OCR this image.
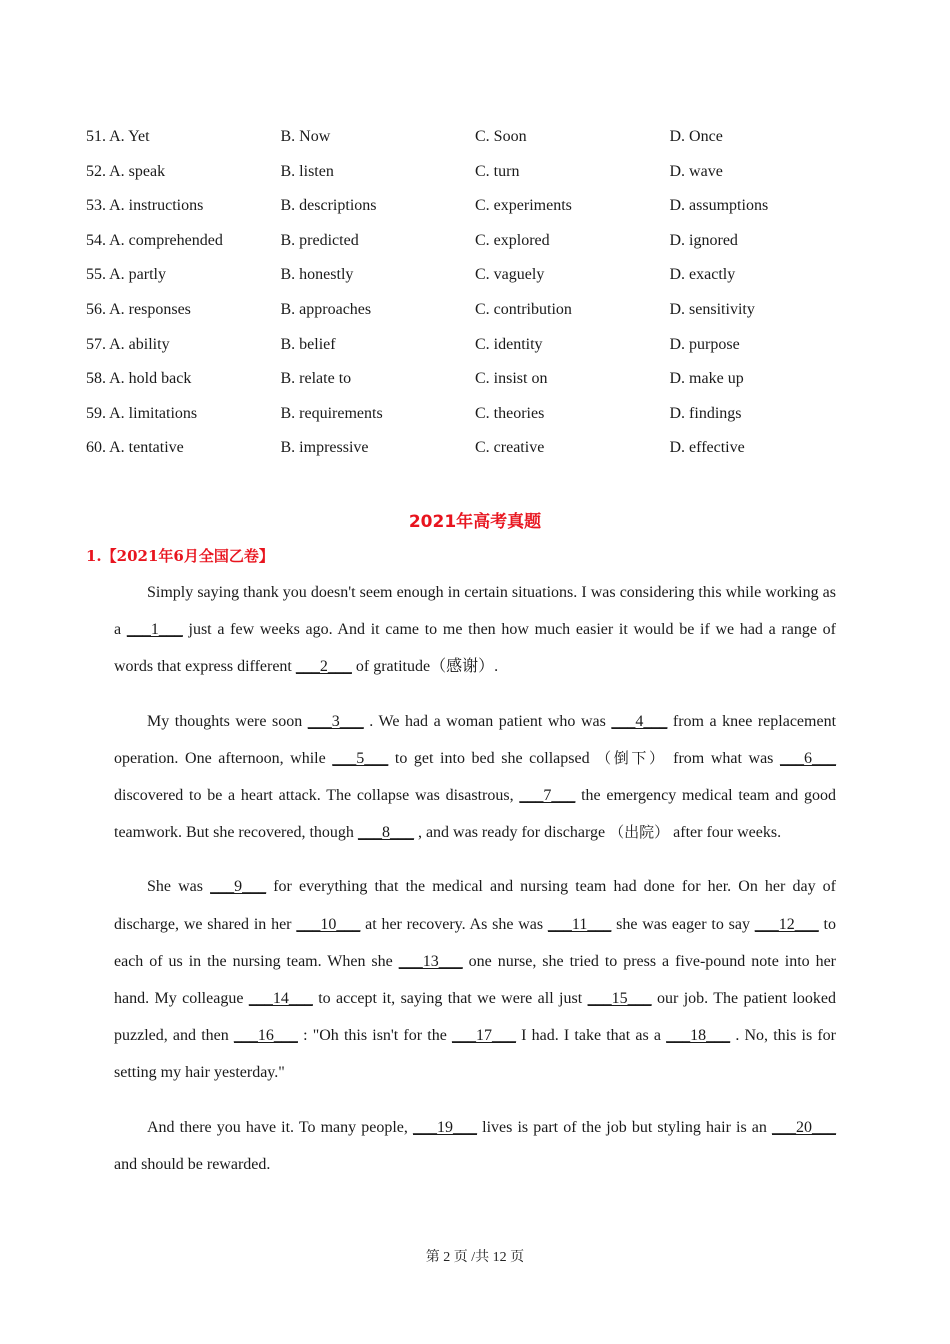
51. A. Yet	B. Now	C. Soon	D. Once
52. A. speak	B. listen	C. turn	D. wave
53. A. instructions	B. descriptions	C. experiments	D. assumptions
54. A. comprehended	B. predicted	C. explored	D. ignored
55. A. partly	B. honestly	C. vaguely	D. exactly
56. A. responses	B. approaches	C. contribution	D. sensitivity
57. A. ability	B. belief	C. identity	D. purpose
58. A. hold back	B. relate to	C. insist on	D. make up
59. A. limitations	B. requirements	C. theories	D. findings
60. A. tentative	B. impressive	C. creative	D. effective
2021年高考真题
1.【2021年6月全国乙卷】

Simply saying thank you doesn't seem enough in certain situations. I was considering this while working as a ___1___ just a few weeks ago. And it came to me then how much easier it would be if we had a range of words that express different ___2___ of gratitude（感谢）.

My thoughts were soon ___3___ . We had a woman patient who was ___4___ from a knee replacement operation. One afternoon, while ___5___ to get into bed she collapsed （倒下） from what was ___6___ discovered to be a heart attack. The collapse was disastrous, ___7___ the emergency medical team and good teamwork. But she recovered, though ___8___ , and was ready for discharge （出院） after four weeks.

She was ___9___ for everything that the medical and nursing team had done for her. On her day of discharge, we shared in her ___10___ at her recovery. As she was ___11___ she was eager to say ___12___ to each of us in the nursing team. When she ___13___ one nurse, she tried to press a five-pound note into her hand. My colleague ___14___ to accept it, saying that we were all just ___15___ our job. The patient looked puzzled, and then ___16___ : "Oh this isn't for the ___17___ I had. I take that as a ___18___ . No, this is for setting my hair yesterday."

And there you have it. To many people, ___19___ lives is part of the job but styling hair is an ___20___ and should be rewarded.

第 2 页 /共 12 页
